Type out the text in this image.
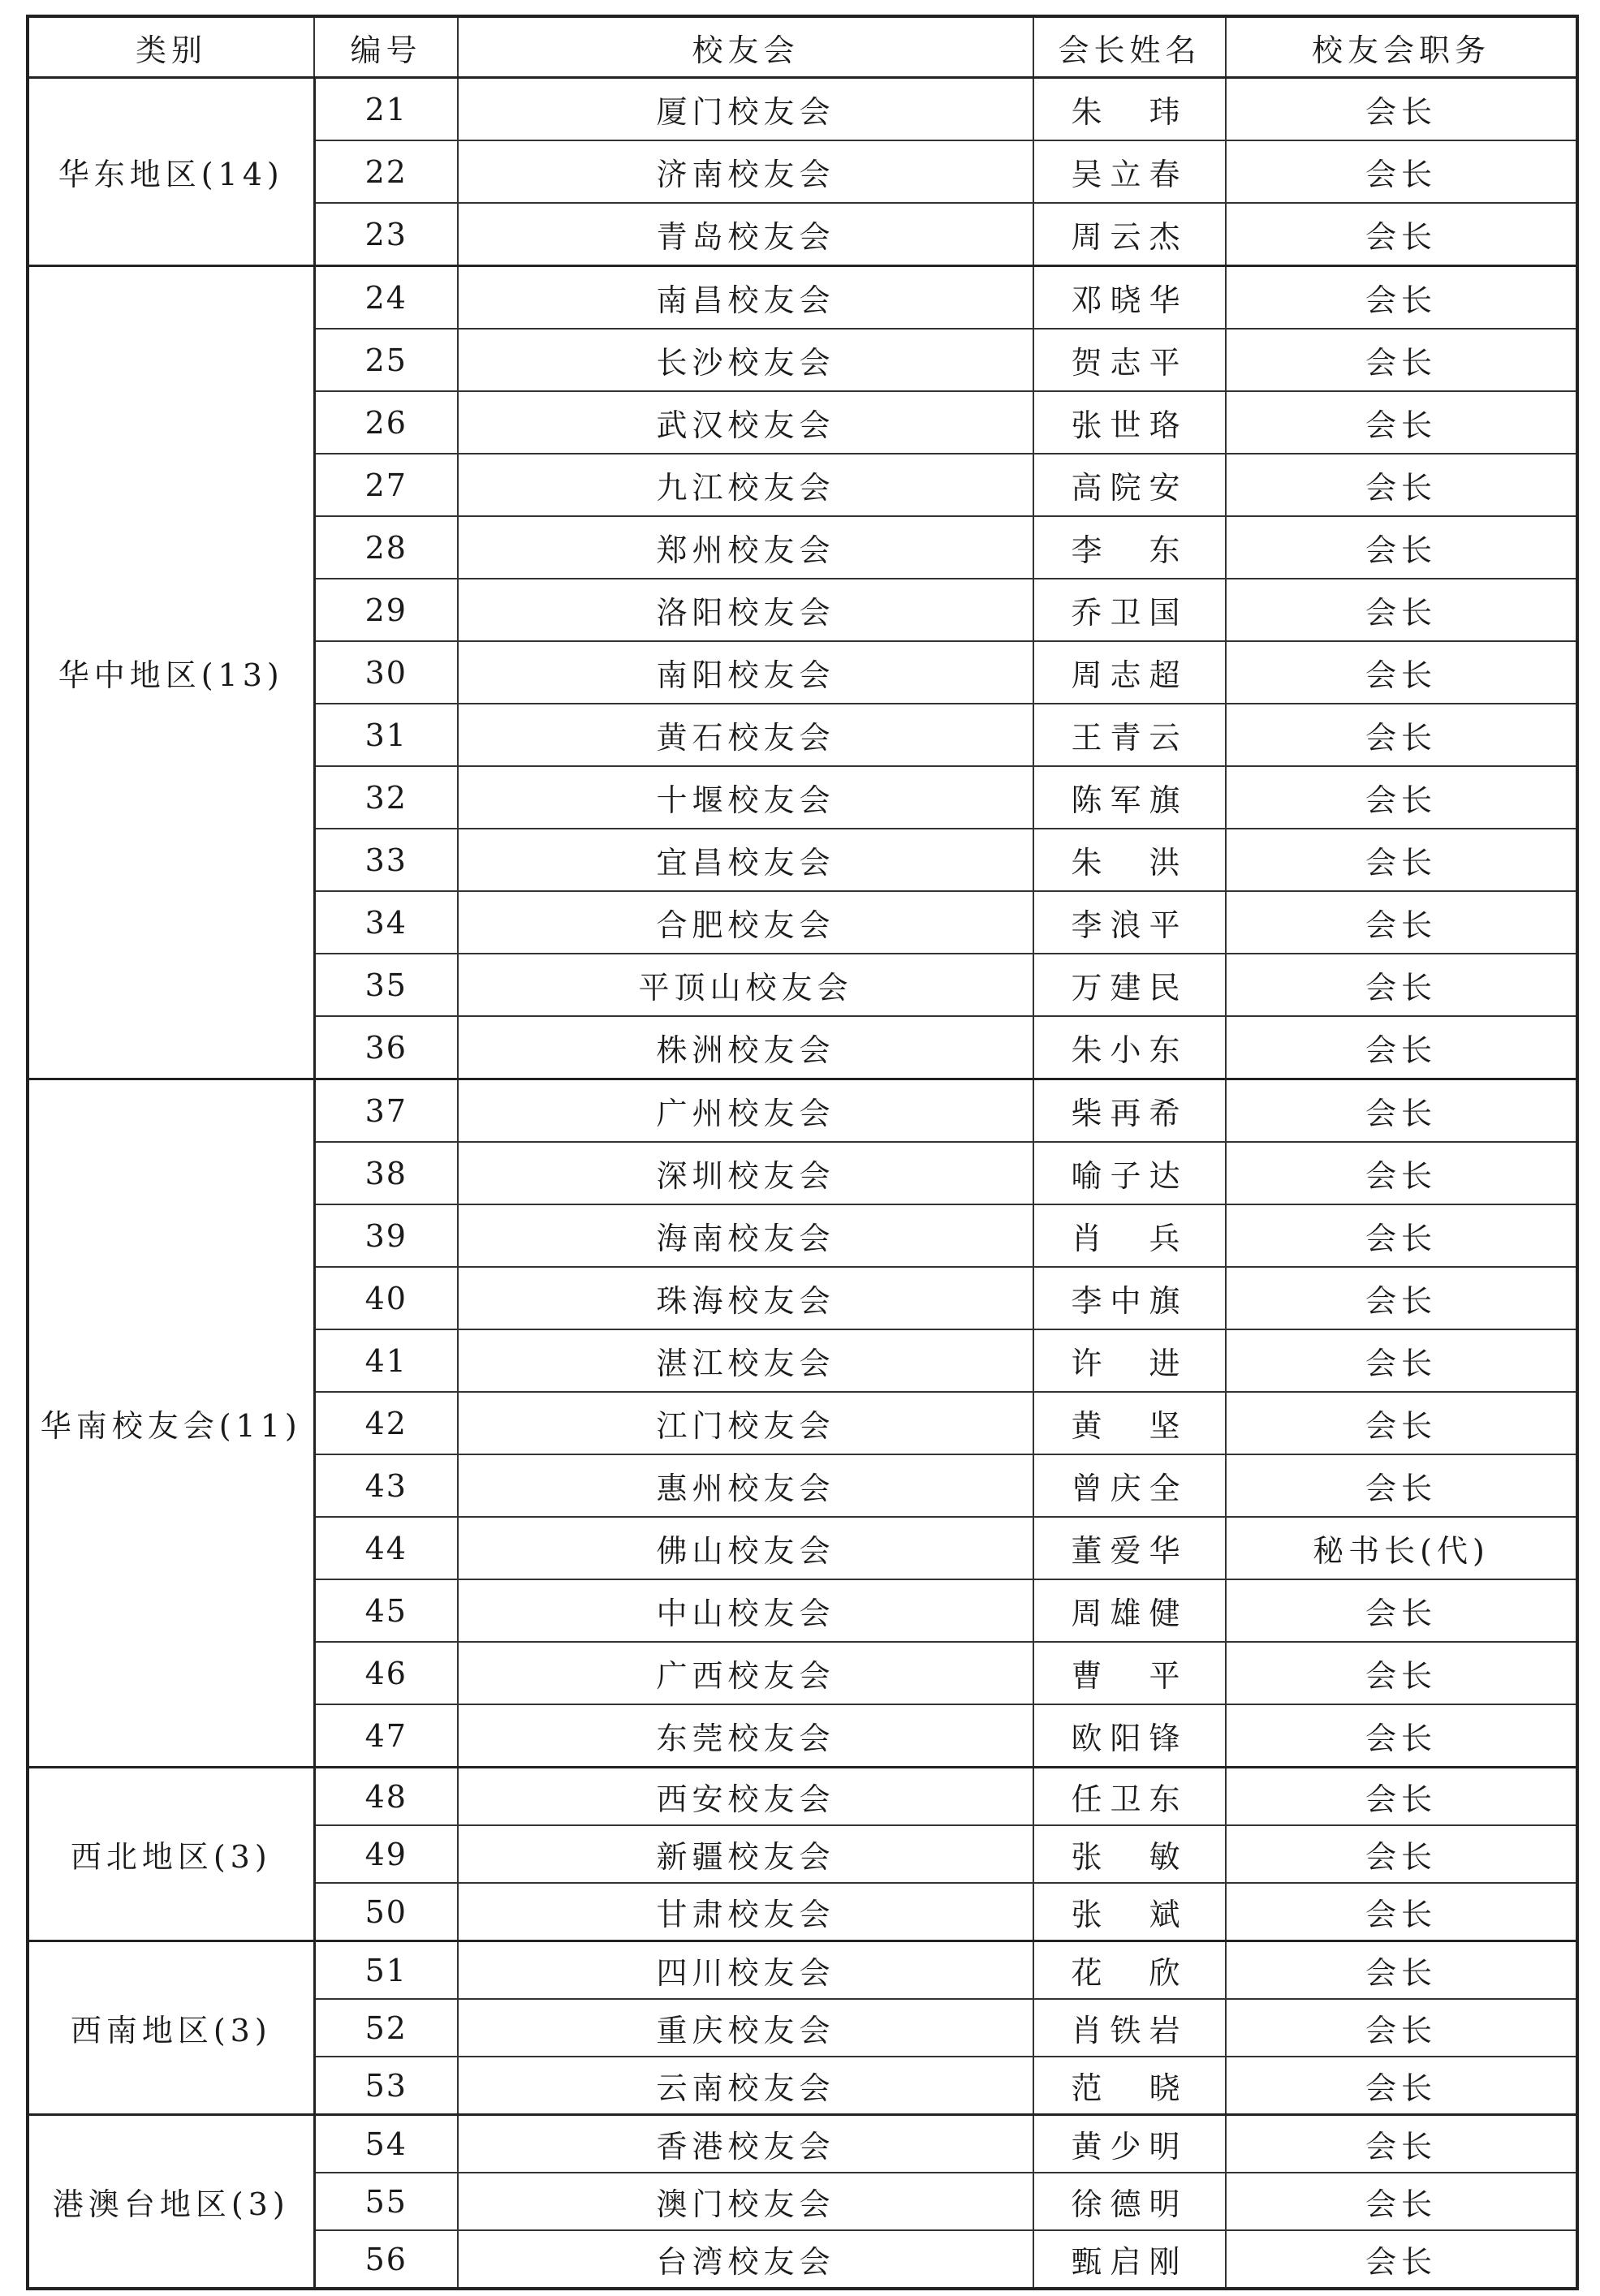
类别	编号	校友会	会长姓名	校友会职务
华东地区(14)	21	厦门校友会	朱　玮	会长
	22	济南校友会	吴立春	会长
	23	青岛校友会	周云杰	会长
华中地区(13)	24	南昌校友会	邓晓华	会长
	25	长沙校友会	贺志平	会长
	26	武汉校友会	张世珞	会长
	27	九江校友会	高院安	会长
	28	郑州校友会	李　东	会长
	29	洛阳校友会	乔卫国	会长
	30	南阳校友会	周志超	会长
	31	黄石校友会	王青云	会长
	32	十堰校友会	陈军旗	会长
	33	宜昌校友会	朱　洪	会长
	34	合肥校友会	李浪平	会长
	35	平顶山校友会	万建民	会长
	36	株洲校友会	朱小东	会长
华南校友会(11)	37	广州校友会	柴再希	会长
	38	深圳校友会	喻子达	会长
	39	海南校友会	肖　兵	会长
	40	珠海校友会	李中旗	会长
	41	湛江校友会	许　进	会长
	42	江门校友会	黄　坚	会长
	43	惠州校友会	曾庆全	会长
	44	佛山校友会	董爱华	秘书长(代)
	45	中山校友会	周雄健	会长
	46	广西校友会	曹　平	会长
	47	东莞校友会	欧阳锋	会长
西北地区(3)	48	西安校友会	任卫东	会长
	49	新疆校友会	张　敏	会长
	50	甘肃校友会	张　斌	会长
西南地区(3)	51	四川校友会	花　欣	会长
	52	重庆校友会	肖铁岩	会长
	53	云南校友会	范　晓	会长
港澳台地区(3)	54	香港校友会	黄少明	会长
	55	澳门校友会	徐德明	会长
	56	台湾校友会	甄启刚	会长
